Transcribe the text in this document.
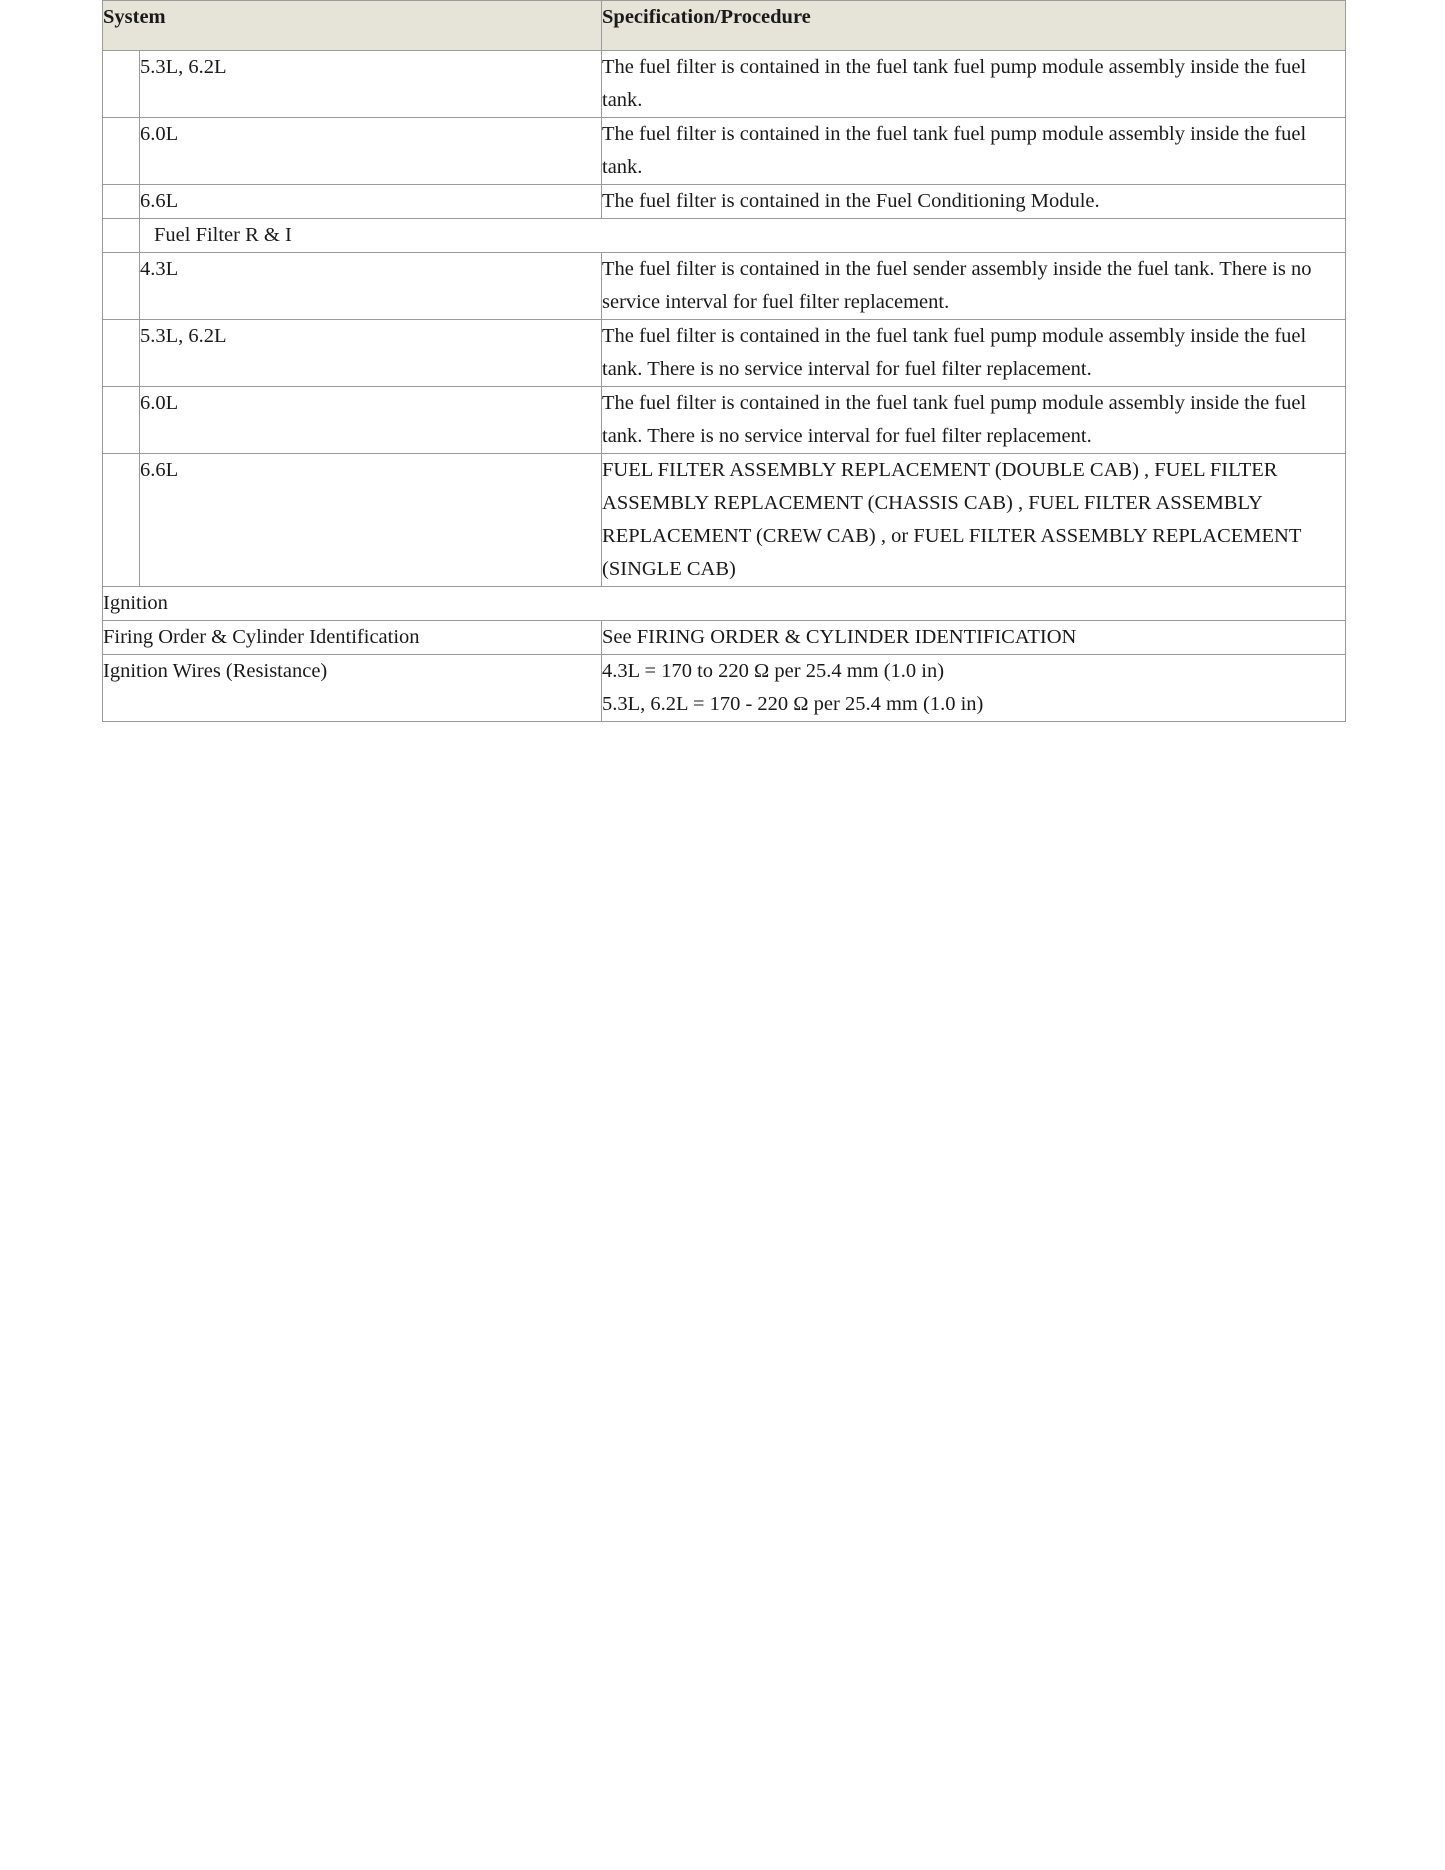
System		Specification/Procedure
	5.3L, 6.2L	The fuel filter is contained in the fuel tank fuel pump module assembly inside the fuel tank.
	6.0L	The fuel filter is contained in the fuel tank fuel pump module assembly inside the fuel tank.
	6.6L	The fuel filter is contained in the Fuel Conditioning Module.
	Fuel Filter R & I	
	4.3L	The fuel filter is contained in the fuel sender assembly inside the fuel tank. There is no service interval for fuel filter replacement.
	5.3L, 6.2L	The fuel filter is contained in the fuel tank fuel pump module assembly inside the fuel tank. There is no service interval for fuel filter replacement.
	6.0L	The fuel filter is contained in the fuel tank fuel pump module assembly inside the fuel tank. There is no service interval for fuel filter replacement.
	6.6L	FUEL FILTER ASSEMBLY REPLACEMENT (DOUBLE CAB) , FUEL FILTER ASSEMBLY REPLACEMENT (CHASSIS CAB) , FUEL FILTER ASSEMBLY REPLACEMENT (CREW CAB) , or FUEL FILTER ASSEMBLY REPLACEMENT (SINGLE CAB)
Ignition		
Firing Order & Cylinder Identification		See FIRING ORDER & CYLINDER IDENTIFICATION
Ignition Wires (Resistance)		4.3L = 170 to 220 Ω per 25.4 mm (1.0 in)
5.3L, 6.2L = 170 - 220 Ω per 25.4 mm (1.0 in)
